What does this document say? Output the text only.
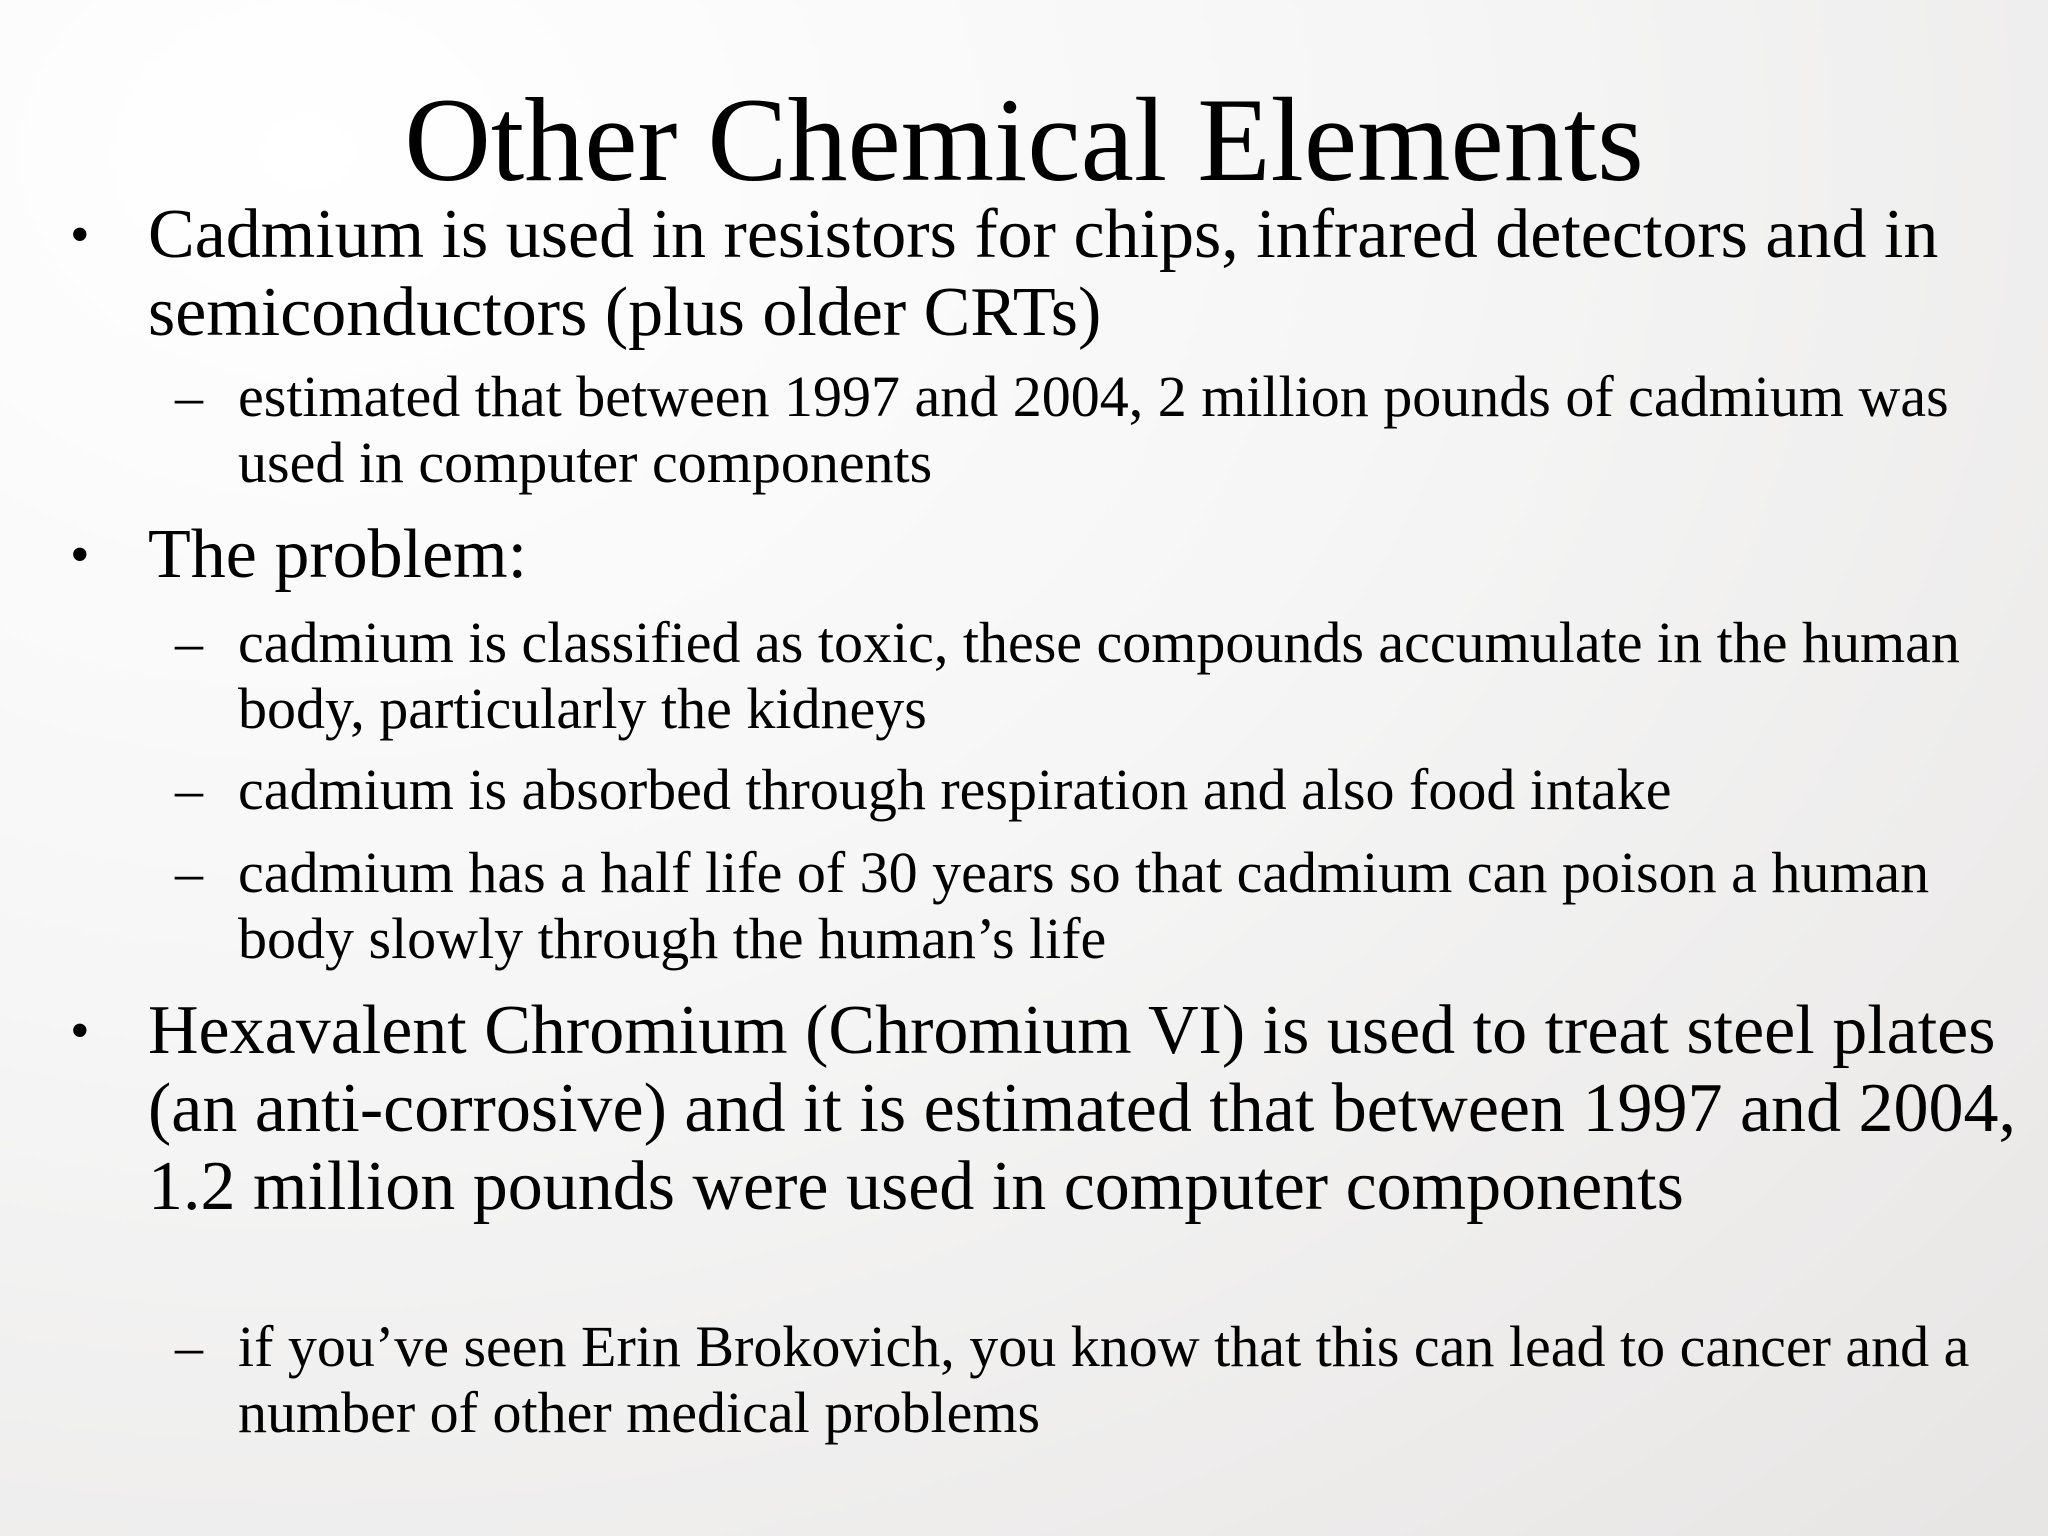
Other Chemical Elements
• Cadmium is used in resistors for chips, infrared detectors and in semiconductors (plus older CRTs)

– estimated that between 1997 and 2004, 2 million pounds of cadmium was used in computer components

• The problem:

– cadmium is classified as toxic, these compounds accumulate in the human body, particularly the kidneys

– cadmium is absorbed through respiration and also food intake

– cadmium has a half life of 30 years so that cadmium can poison a human body slowly through the human’s life

• Hexavalent Chromium (Chromium VI) is used to treat steel plates (an anti-corrosive) and it is estimated that between 1997 and 2004, 1.2 million pounds were used in computer components

– if you’ve seen Erin Brokovich, you know that this can lead to cancer and a number of other medical problems
